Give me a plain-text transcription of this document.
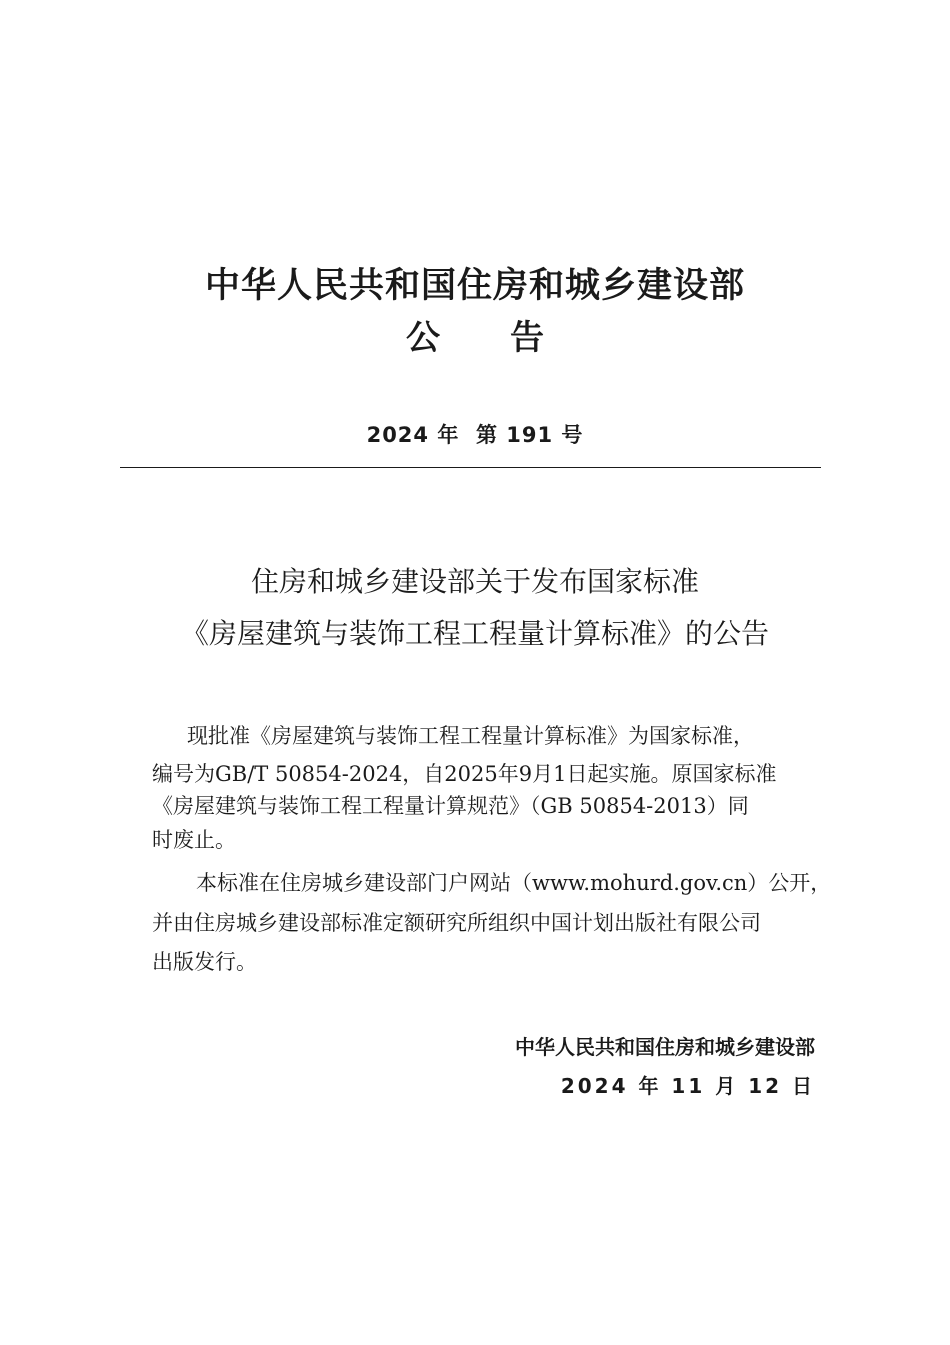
中华人民共和国住房和城乡建设部
公告
2024 年  第 191 号
住房和城乡建设部关于发布国家标准
《房屋建筑与装饰工程工程量计算标准》的公告
现批准《房屋建筑与装饰工程工程量计算标准》为国家标准，
编号为GB/T 50854-2024，自2025年9月1日起实施。原国家标准
《房屋建筑与装饰工程工程量计算规范》（GB 50854-2013）同
时废止。
本标准在住房城乡建设部门户网站（www.mohurd.gov.cn）公开，
并由住房城乡建设部标准定额研究所组织中国计划出版社有限公司
出版发行。
中华人民共和国住房和城乡建设部
2024 年 11 月 12 日
